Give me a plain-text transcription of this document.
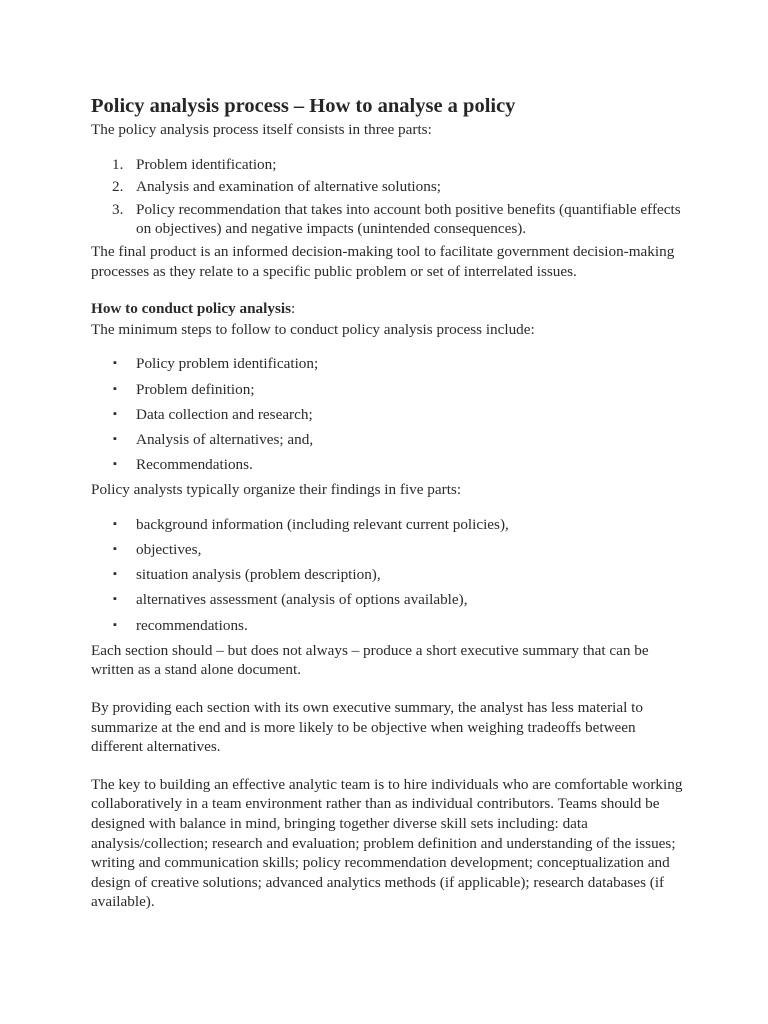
Policy analysis process – How to analyse a policy

The policy analysis process itself consists in three parts:

1. Problem identification;
2. Analysis and examination of alternative solutions;
3. Policy recommendation that takes into account both positive benefits (quantifiable effects on objectives) and negative impacts (unintended consequences).

The final product is an informed decision-making tool to facilitate government decision-making processes as they relate to a specific public problem or set of interrelated issues.

How to conduct policy analysis:

The minimum steps to follow to conduct policy analysis process include:

▪ Policy problem identification;
▪ Problem definition;
▪ Data collection and research;
▪ Analysis of alternatives; and,
▪ Recommendations.

Policy analysts typically organize their findings in five parts:

▪ background information (including relevant current policies),
▪ objectives,
▪ situation analysis (problem description),
▪ alternatives assessment (analysis of options available),
▪ recommendations.

Each section should – but does not always – produce a short executive summary that can be written as a stand alone document.

By providing each section with its own executive summary, the analyst has less material to summarize at the end and is more likely to be objective when weighing tradeoffs between different alternatives.

The key to building an effective analytic team is to hire individuals who are comfortable working collaboratively in a team environment rather than as individual contributors. Teams should be designed with balance in mind, bringing together diverse skill sets including: data analysis/collection; research and evaluation; problem definition and understanding of the issues; writing and communication skills; policy recommendation development; conceptualization and design of creative solutions; advanced analytics methods (if applicable); research databases (if available).
